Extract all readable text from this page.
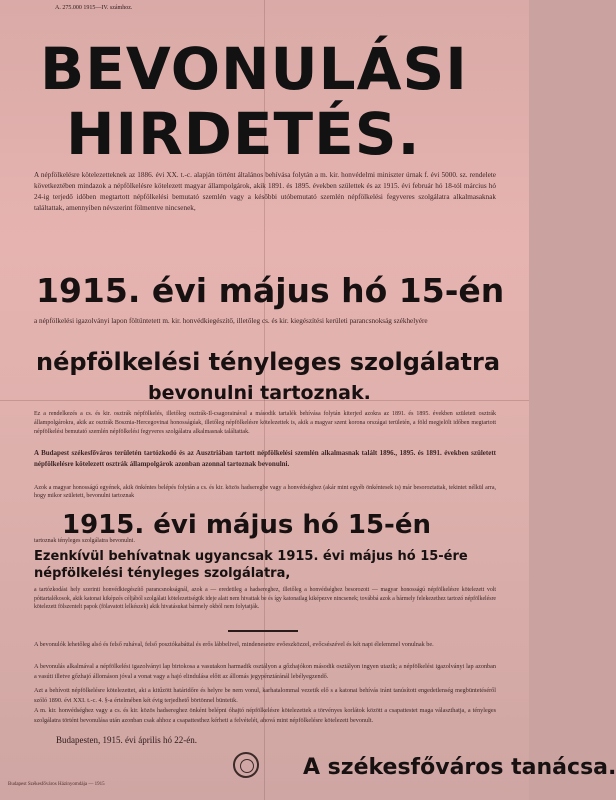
A. 275.000 1915—IV. számhoz.
BEVONULÁSI
HIRDETÉS.
A népfölkelésre kötelezetteknek az 1886. évi XX. t.-c. alapján történt általános behívása folytán a m. kir. honvédelmi miniszter úrnak f. évi 5000. sz. rendelete következtében mindazok a népfölkelésre kötelezett magyar állampolgárok, akik 1891. és 1895. években születtek és az 1915. évi február hó 18-tól március hó 24-ig terjedő időben megtartott népfölkelési bemutató szemlén vagy a későbbi utóbemutató szemlén népfölkelési fegyveres szolgálatra alkalmasaknak találtattak, amennyiben névszerint fölmentve nincsenek,
1915. évi május hó 15-én
a népfölkelési igazolványi lapon föltüntetett m. kir. honvédkiegészítő, illetőleg cs. és kir. kiegészítési kerületi parancsnokság székhelyére
népfölkelési tényleges szolgálatra
bevonulni tartoznak.
Ez a rendelkezés a cs. és kir. osztrák népfölkelés, illetőleg osztrák-Il-csagorainával a második tartalék behívása folytán kiterjed azokra az 1891. és 1895. években született osztrák állampolgárokra, akik az osztrák Bosznia-Hercegovinai honosságúak, illetőleg népfölkelésre kötelezettek is, akik a magyar szent korona országai területén, a föld megjelölt időben megtartott népfölkelési bemutató szemlén népfölkelési fegyveres szolgálatra alkalmasnak találtattak.
A Budapest székesfőváros területén tartózkodó és az Ausztriában tartott népfölkelési szemlén alkalmasnak talált 1896., 1895. és 1891. években született népfölkelésre kötelezett osztrák állampolgárok azonban azonnal tartoznak bevonulni.
Azok a magyar honosságú egyének, akik önkéntes belépés folytán a cs. és kir. közös hadseregbe vagy a honvédséghez (akár mint egyéb önkéntesek is) már besoroztattak, tekintet nélkül arra, hogy mikor született, bevonulni tartoznak
1915. évi május hó 15-én
tartoznak tényleges szolgálatra bevonulni.
Ezenkívül behívatnak ugyancsak 1915. évi május hó 15-ére népfölkelési tényleges szolgálatra,
a tartózkodási hely szerinti honvédkiegészítő parancsnokságnál, azok a — eredetileg a hadsereghez, illetőleg a honvédséghez besorozott — magyar honosságú népfölkelésre kötelezett volt póttartalékosok, akik katonai kiképzés céljából szolgálati kötelezettségük ideje alatt nem hivattak be és így katonailag kiképezve nincsenek; továbbá azok a bármely felekezethez tartozó népfölkelésre kötelezett fölszentelt papok (fölavatott lelkészek) akik hivatásukat bármely okból nem folytatják.
A bevonulók lehetőleg alsó és felső ruhával, felső posztókabáttal és erős lábbelivel, mindenesetre evőeszközzel, evőcsészével és két napi élelemmel vonulnak be.
A bevonulás alkalmával a népfölkelési igazolványi lap birtokosa a vasutakon harmadik osztályon a gőzhajókon második osztályon ingyen utazik; a népfölkelési igazolványi lap azonban a vasúti illetve gőzhajó állomáson jóval a vonat vagy a hajó elindulása előtt az állomás jegypénztáránál lebélyegzendő.
Azt a behívott népfölkelésre kötelezettet, aki a kitűzött határidőre és helyre be nem vonul, karhatalommal vezetik elő s a katonai behívás iránt tanúsított engedetlenség megbüntetéséről szóló 1890. évi XXI. t.-c. 4. §-a értelmében két évig terjedhető börtönnel büntetik.
A m. kir. honvédséghez vagy a cs. és kir. közös hadsereghez önként belépni óhajtó népfölkelésre kötelezettek a törvényes korlátok között a csapattestet maga választhatja, a tényleges szolgálatra történt bevonulása után azonban csak ahhoz a csapattesthez kérheti a felvételét, ahová mint népfölkelésre kötelezett bevonult.
Budapesten, 1915. évi április hó 22-én.
A székesfőváros tanácsa.
Budapest Székesfőváros Házinyomdája — 1915
